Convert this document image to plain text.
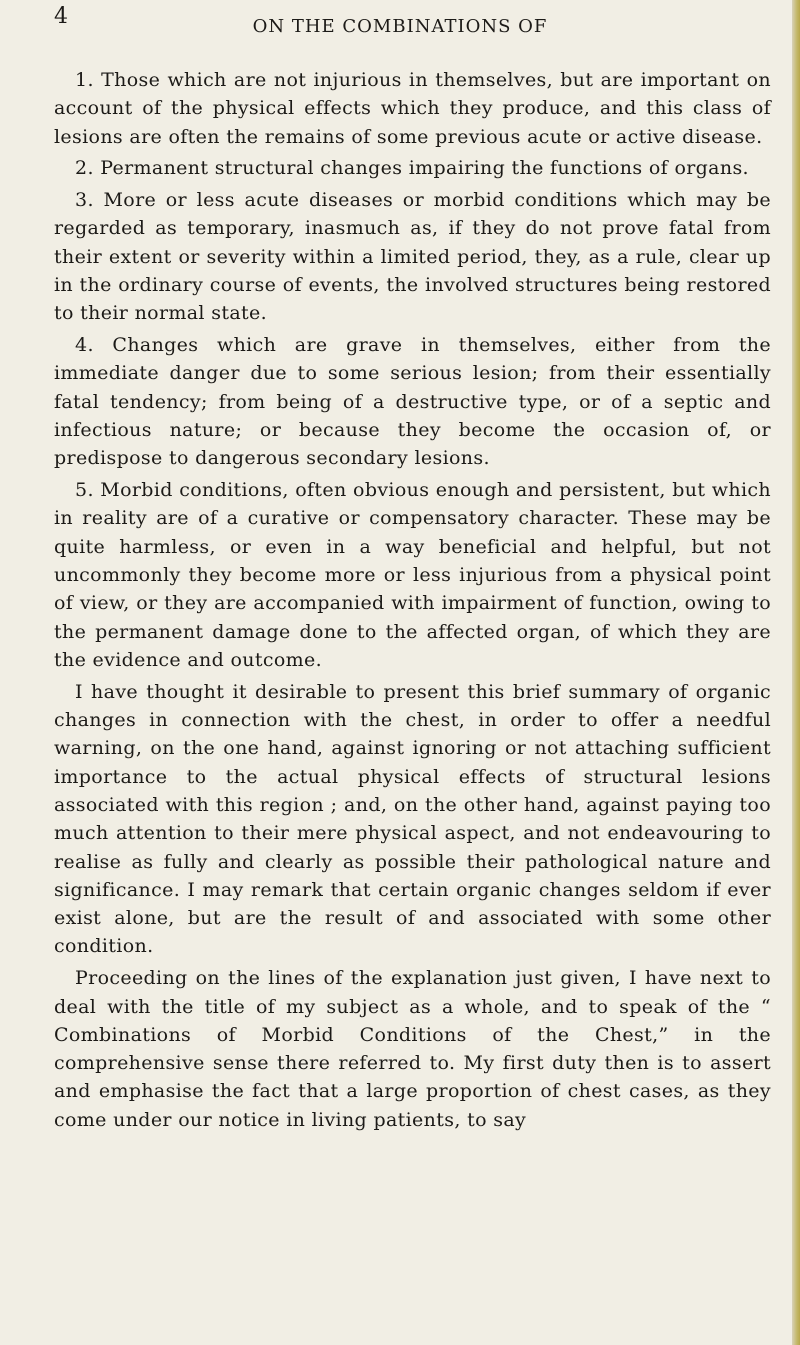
4	ON THE COMBINATIONS OF

1. Those which are not injurious in themselves, but are important on account of the physical effects which they produce, and this class of lesions are often the remains of some previous acute or active disease.

2. Permanent structural changes impairing the functions of organs.

3. More or less acute diseases or morbid conditions which may be regarded as temporary, inasmuch as, if they do not prove fatal from their extent or severity within a limited period, they, as a rule, clear up in the ordinary course of events, the involved structures being restored to their normal state.

4. Changes which are grave in themselves, either from the immediate danger due to some serious lesion; from their essentially fatal tendency; from being of a destructive type, or of a septic and infectious nature; or because they become the occasion of, or predispose to dangerous secondary lesions.

5. Morbid conditions, often obvious enough and persistent, but which in reality are of a curative or compensatory character. These may be quite harmless, or even in a way beneficial and helpful, but not uncommonly they become more or less injurious from a physical point of view, or they are accompanied with impairment of function, owing to the permanent damage done to the affected organ, of which they are the evidence and outcome.

I have thought it desirable to present this brief summary of organic changes in connection with the chest, in order to offer a needful warning, on the one hand, against ignoring or not attaching sufficient importance to the actual physical effects of structural lesions associated with this region ; and, on the other hand, against paying too much attention to their mere physical aspect, and not endeavouring to realise as fully and clearly as possible their pathological nature and significance. I may remark that certain organic changes seldom if ever exist alone, but are the result of and associated with some other condition.

Proceeding on the lines of the explanation just given, I have next to deal with the title of my subject as a whole, and to speak of the “ Combinations of Morbid Conditions of the Chest,” in the comprehensive sense there referred to. My first duty then is to assert and emphasise the fact that a large proportion of chest cases, as they come under our notice in living patients, to say
